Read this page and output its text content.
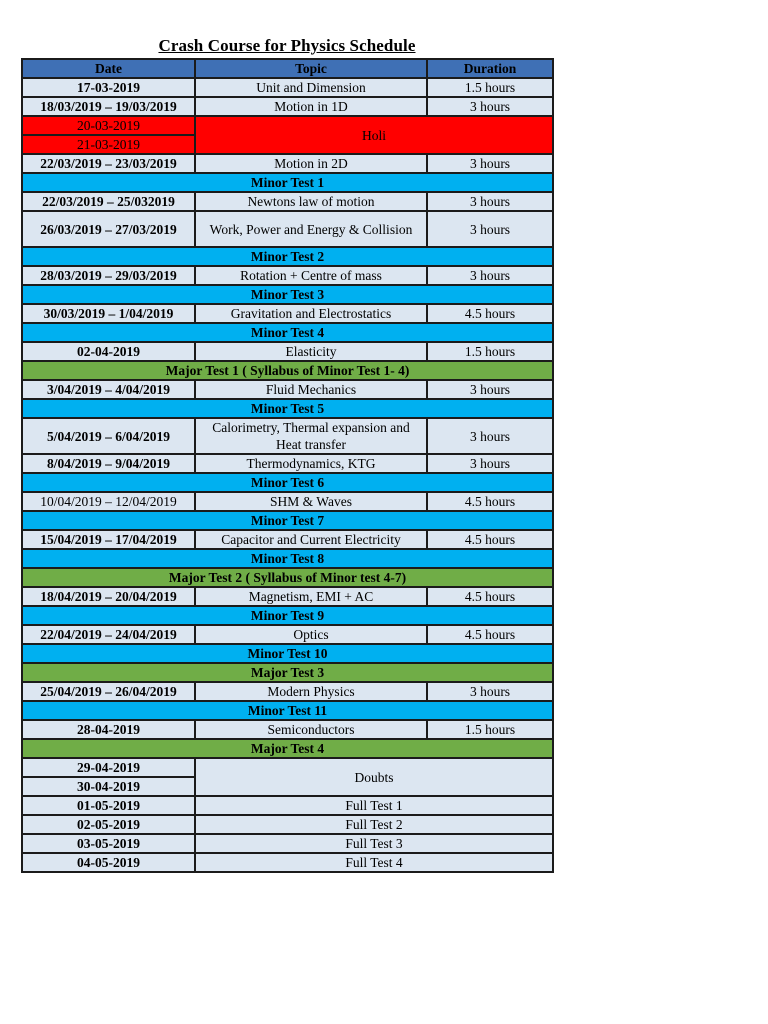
Crash Course for Physics Schedule
Date	Topic	Duration
17-03-2019	Unit and Dimension	1.5 hours
18/03/2019 – 19/03/2019	Motion in 1D	3 hours
20-03-2019	Holi	
21-03-2019		
22/03/2019 – 23/03/2019	Motion in 2D	3 hours
Minor Test 1		
22/03/2019 – 25/032019	Newtons law of motion	3 hours
26/03/2019 – 27/03/2019	Work, Power and Energy & Collision	3 hours
Minor Test 2		
28/03/2019 – 29/03/2019	Rotation + Centre of mass	3 hours
Minor Test 3		
30/03/2019 – 1/04/2019	Gravitation and Electrostatics	4.5 hours
Minor Test 4		
02-04-2019	Elasticity	1.5 hours
Major Test 1 ( Syllabus of Minor Test 1- 4)		
3/04/2019 – 4/04/2019	Fluid Mechanics	3 hours
Minor Test 5		
5/04/2019 – 6/04/2019	Calorimetry, Thermal expansion and Heat transfer	3 hours
8/04/2019 – 9/04/2019	Thermodynamics, KTG	3 hours
Minor Test 6		
10/04/2019 – 12/04/2019	SHM & Waves	4.5 hours
Minor Test 7		
15/04/2019 – 17/04/2019	Capacitor and Current Electricity	4.5 hours
Minor Test 8		
Major Test 2 ( Syllabus of Minor test 4-7)		
18/04/2019 – 20/04/2019	Magnetism, EMI + AC	4.5 hours
Minor Test 9		
22/04/2019 – 24/04/2019	Optics	4.5 hours
Minor Test 10		
Major Test 3		
25/04/2019 – 26/04/2019	Modern Physics	3 hours
Minor Test 11		
28-04-2019	Semiconductors	1.5 hours
Major Test 4		
29-04-2019	Doubts	
30-04-2019		
01-05-2019	Full Test 1	
02-05-2019	Full Test 2	
03-05-2019	Full Test 3	
04-05-2019	Full Test 4	
